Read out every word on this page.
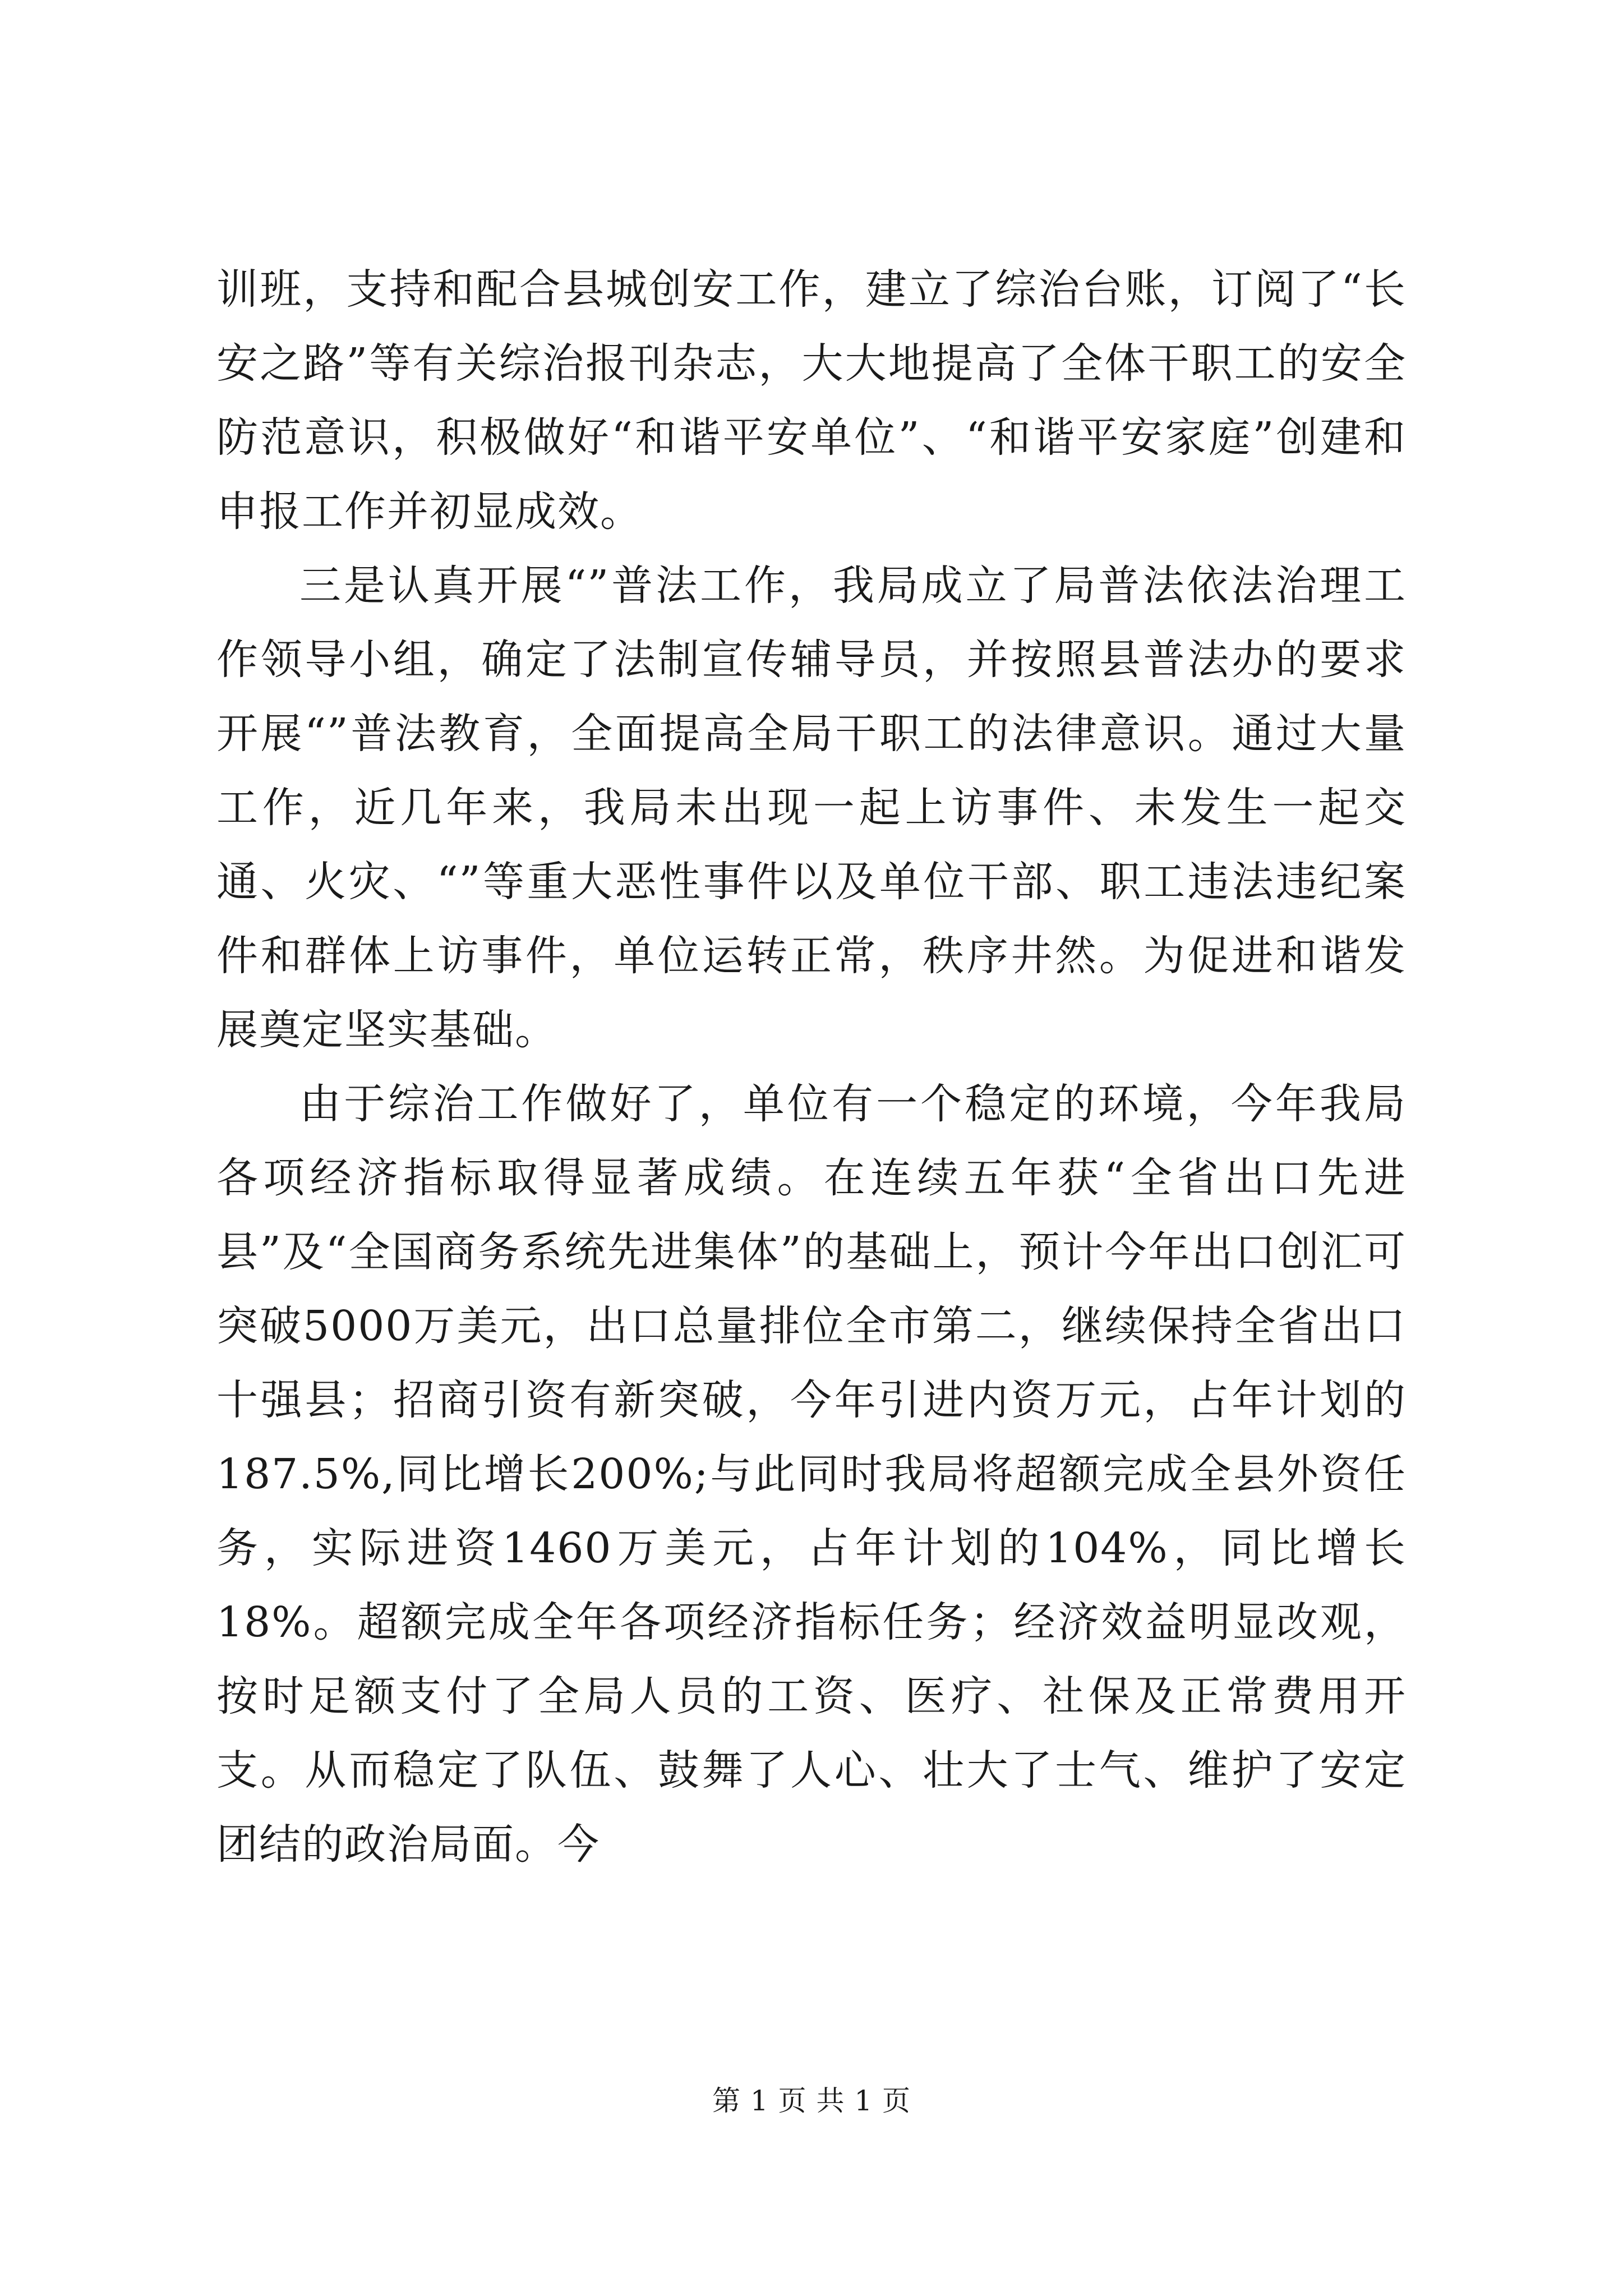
训班，支持和配合县城创安工作，建立了综治台账，订阅了“长安之路”等有关综治报刊杂志，大大地提高了全体干职工的安全防范意识，积极做好“和谐平安单位”、“和谐平安家庭”创建和申报工作并初显成效。

三是认真开展“”普法工作，我局成立了局普法依法治理工作领导小组，确定了法制宣传辅导员，并按照县普法办的要求开展“”普法教育，全面提高全局干职工的法律意识。通过大量工作，近几年来，我局未出现一起上访事件、未发生一起交通、火灾、“”等重大恶性事件以及单位干部、职工违法违纪案件和群体上访事件，单位运转正常，秩序井然。为促进和谐发展奠定坚实基础。

由于综治工作做好了，单位有一个稳定的环境，今年我局各项经济指标取得显著成绩。在连续五年获“全省出口先进县”及“全国商务系统先进集体”的基础上，预计今年出口创汇可突破5000万美元，出口总量排位全市第二，继续保持全省出口十强县；招商引资有新突破，今年引进内资万元，占年计划的187.5%,同比增长200%;与此同时我局将超额完成全县外资任务，实际进资1460万美元，占年计划的104%，同比增长18%。超额完成全年各项经济指标任务；经济效益明显改观，按时足额支付了全局人员的工资、医疗、社保及正常费用开支。从而稳定了队伍、鼓舞了人心、壮大了士气、维护了安定团结的政治局面。今

第 1 页 共 1 页
